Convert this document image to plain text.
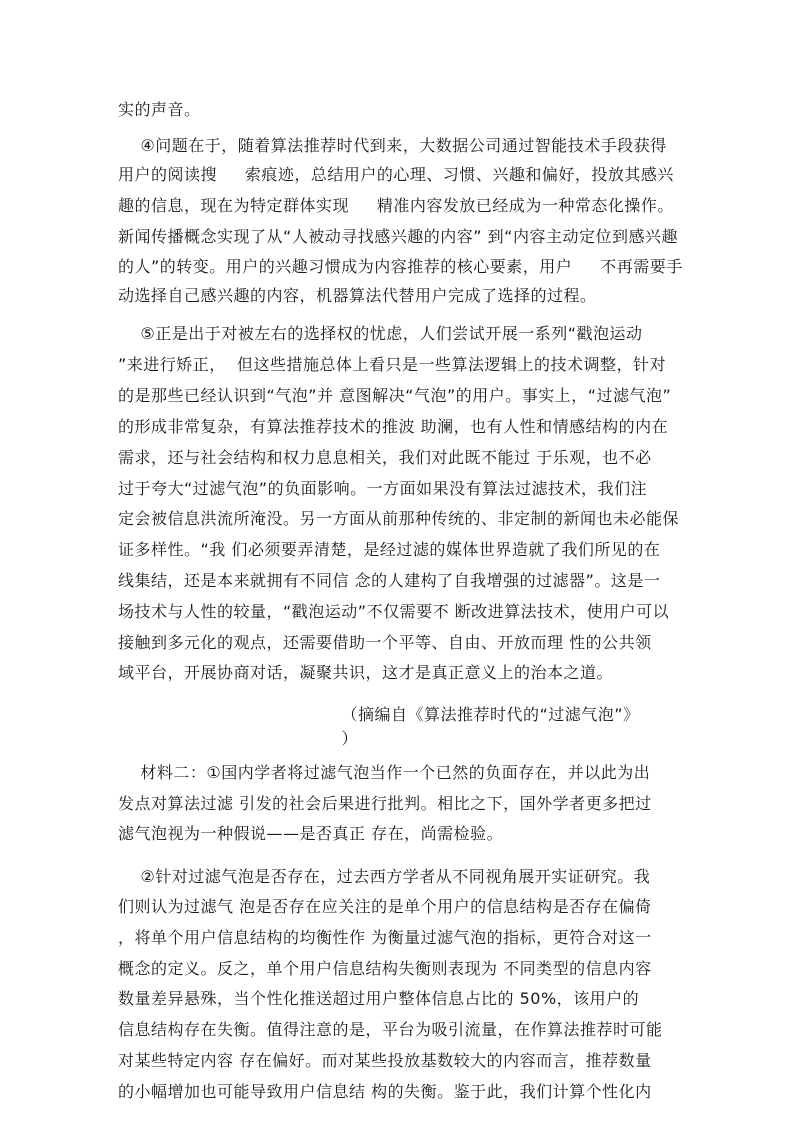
实的声音。
④问题在于，随着算法推荐时代到来，大数据公司通过智能技术手段获得
用户的阅读搜     索痕迹，总结用户的心理、习惯、兴趣和偏好，投放其感兴
趣的信息，现在为特定群体实现     精准内容发放已经成为一种常态化操作。
新闻传播概念实现了从“人被动寻找感兴趣的内容” 到“内容主动定位到感兴趣
的人”的转变。用户的兴趣习惯成为内容推荐的核心要素，用户     不再需要手
动选择自己感兴趣的内容，机器算法代替用户完成了选择的过程。
⑤正是出于对被左右的选择权的忧虑，人们尝试开展一系列“戳泡运动
”来进行矫正，  但这些措施总体上看只是一些算法逻辑上的技术调整，针对
的是那些已经认识到“气泡”并 意图解决“气泡”的用户。事实上，“过滤气泡”
的形成非常复杂，有算法推荐技术的推波 助澜，也有人性和情感结构的内在
需求，还与社会结构和权力息息相关，我们对此既不能过 于乐观，也不必
过于夸大“过滤气泡”的负面影响。一方面如果没有算法过滤技术，我们注
定会被信息洪流所淹没。另一方面从前那种传统的、非定制的新闻也未必能保
证多样性。“我 们必须要弄清楚，是经过滤的媒体世界造就了我们所见的在
线集结，还是本来就拥有不同信 念的人建构了自我增强的过滤器”。这是一
场技术与人性的较量，“戳泡运动”不仅需要不 断改进算法技术，使用户可以
接触到多元化的观点，还需要借助一个平等、自由、开放而理 性的公共领
域平台，开展协商对话，凝聚共识，这才是真正意义上的治本之道。
（摘编自《算法推荐时代的“过滤气泡”》
）
材料二：①国内学者将过滤气泡当作一个已然的负面存在，并以此为出
发点对算法过滤 引发的社会后果进行批判。相比之下，国外学者更多把过
滤气泡视为一种假说——是否真正 存在，尚需检验。
②针对过滤气泡是否存在，过去西方学者从不同视角展开实证研究。我
们则认为过滤气 泡是否存在应关注的是单个用户的信息结构是否存在偏倚
，将单个用户信息结构的均衡性作 为衡量过滤气泡的指标，更符合对这一
概念的定义。反之，单个用户信息结构失衡则表现为 不同类型的信息内容
数量差异悬殊，当个性化推送超过用户整体信息占比的 50%，该用户的
信息结构存在失衡。值得注意的是，平台为吸引流量，在作算法推荐时可能
对某些特定内容 存在偏好。而对某些投放基数较大的内容而言，推荐数量
的小幅增加也可能导致用户信息结 构的失衡。鉴于此，我们计算个性化内
